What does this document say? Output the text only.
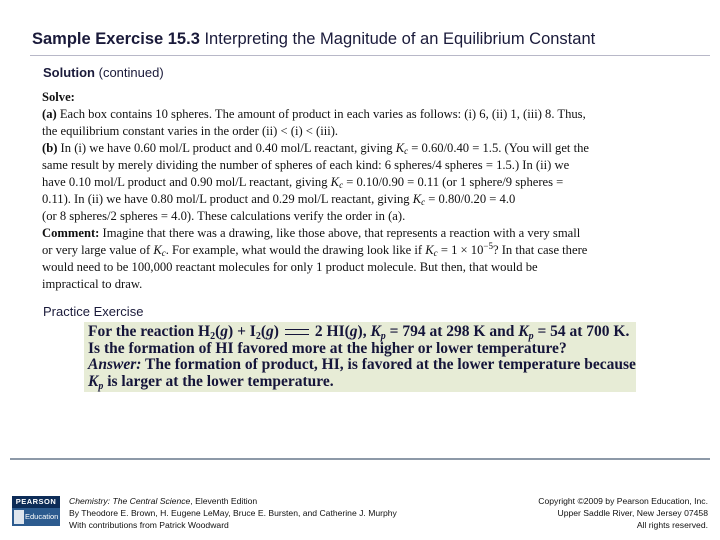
Sample Exercise 15.3 Interpreting the Magnitude of an Equilibrium Constant
Solution (continued)
Solve:
(a) Each box contains 10 spheres. The amount of product in each varies as follows: (i) 6, (ii) 1, (iii) 8. Thus,
the equilibrium constant varies in the order (ii) < (i) < (iii).
(b) In (i) we have 0.60 mol/L product and 0.40 mol/L reactant, giving $K_c = 0.60/0.40 = 1.5$. (You will get the
same result by merely dividing the number of spheres of each kind: 6 spheres/4 spheres = 1.5.) In (ii) we
have 0.10 mol/L product and 0.90 mol/L reactant, giving $K_c = 0.10/0.90 = 0.11$ (or 1 sphere/9 spheres =
0.11). In (ii) we have 0.80 mol/L product and 0.29 mol/L reactant, giving $K_c = 0.80/0.20 = 4.0$
(or 8 spheres/2 spheres = 4.0). These calculations verify the order in (a).
Comment: Imagine that there was a drawing, like those above, that represents a reaction with a very small
or very large value of $K_c$. For example, what would the drawing look like if $K_c = 1 \times 10^{-5}$? In that case there
would need to be 100,000 reactant molecules for only 1 product molecule. But then, that would be
impractical to draw.
Practice Exercise
For the reaction $H_2(g) + I_2(g)$ 2 HI(g), $K_p = 794$ at 298 K and $K_p = 54$ at 700 K.
Is the formation of HI favored more at the higher or lower temperature?
Answer: The formation of product, HI, is favored at the lower temperature because
$K_p$ is larger at the lower temperature.
PEARSON
Education
Chemistry: The Central Science, Eleventh Edition
By Theodore E. Brown, H. Eugene LeMay, Bruce E. Bursten, and Catherine J. Murphy
With contributions from Patrick Woodward
Copyright ©2009 by Pearson Education, Inc.
Upper Saddle River, New Jersey 07458
All rights reserved.
